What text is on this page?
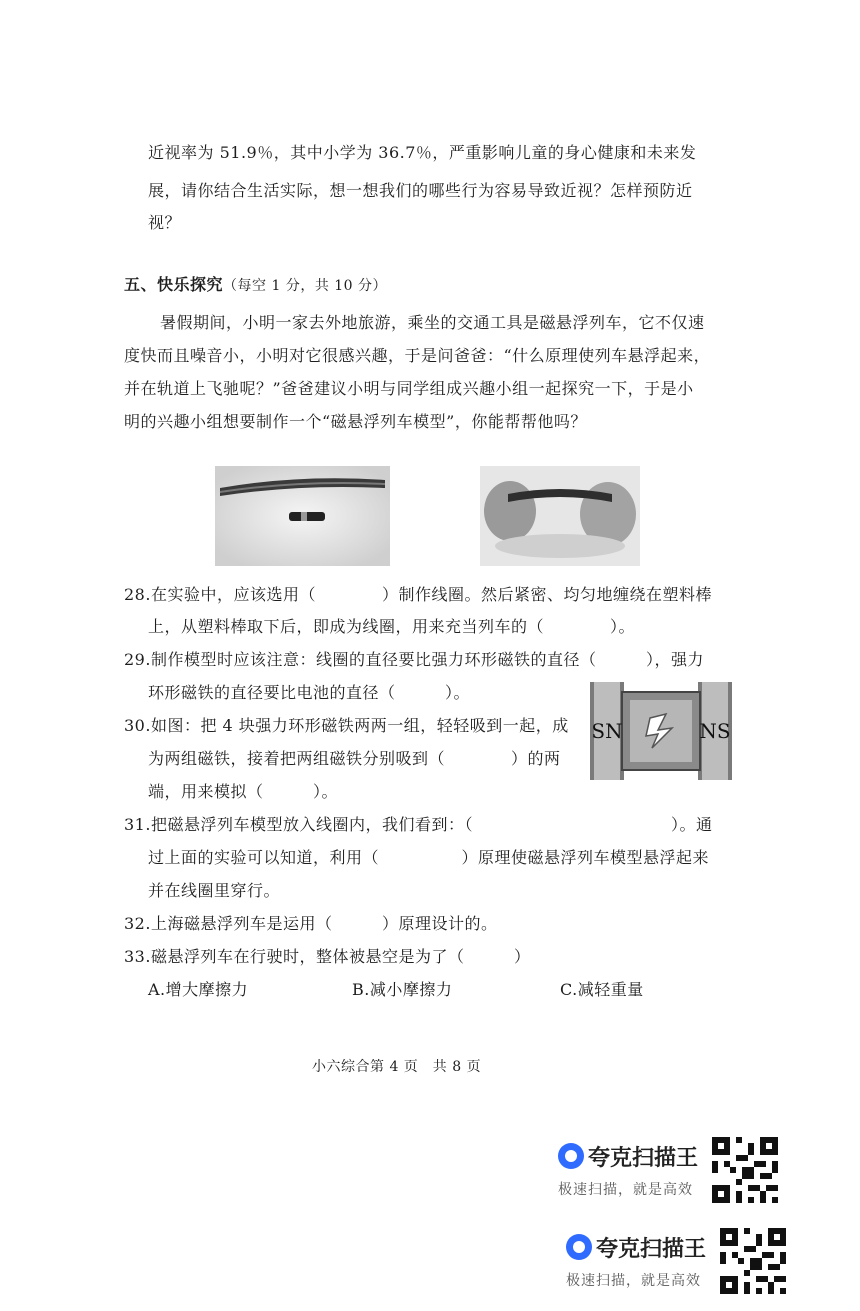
近视率为 51.9％，其中小学为 36.7％，严重影响儿童的身心健康和未来发
展，请你结合生活实际，想一想我们的哪些行为容易导致近视？怎样预防近
视？
五、快乐探究（每空 1 分，共 10 分）
暑假期间，小明一家去外地旅游，乘坐的交通工具是磁悬浮列车，它不仅速
度快而且噪音小，小明对它很感兴趣，于是问爸爸：“什么原理使列车悬浮起来，
并在轨道上飞驰呢？”爸爸建议小明与同学组成兴趣小组一起探究一下，于是小
明的兴趣小组想要制作一个“磁悬浮列车模型”，你能帮帮他吗？
28.在实验中，应该选用（　　　　）制作线圈。然后紧密、均匀地缠绕在塑料棒
上，从塑料棒取下后，即成为线圈，用来充当列车的（　　　　）。
29.制作模型时应该注意：线圈的直径要比强力环形磁铁的直径（　　　），强力
环形磁铁的直径要比电池的直径（　　　）。
30.如图：把 4 块强力环形磁铁两两一组，轻轻吸到一起，成
为两组磁铁，接着把两组磁铁分别吸到（　　　　）的两
端，用来模拟（　　　）。
SN	NS
31.把磁悬浮列车模型放入线圈内，我们看到：（　　　　　　　　　　　　）。通
过上面的实验可以知道，利用（　　　　　）原理使磁悬浮列车模型悬浮起来
并在线圈里穿行。
32.上海磁悬浮列车是运用（　　　）原理设计的。
33.磁悬浮列车在行驶时，整体被悬空是为了（　　　）
A.增大摩擦力	B.减小摩擦力	C.减轻重量
小六综合第 4 页　共 8 页
夸克扫描王
极速扫描，就是高效
夸克扫描王
极速扫描，就是高效
